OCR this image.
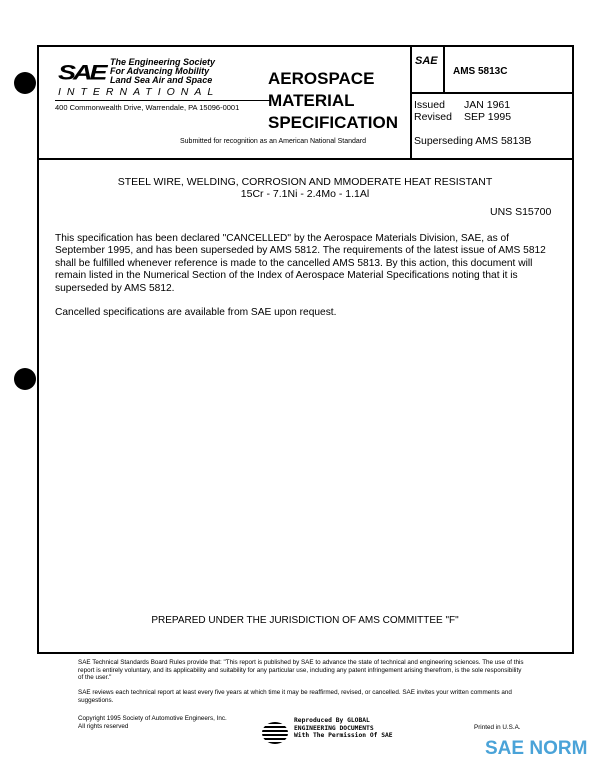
SAE The Engineering Society
For Advancing Mobility
Land Sea Air and Space
INTERNATIONAL
400 Commonwealth Drive, Warrendale, PA 15096-0001
AEROSPACE
MATERIAL
SPECIFICATION
Submitted for recognition as an American National Standard
SAE
AMS 5813C
Issued JAN 1961
Revised SEP 1995
Superseding AMS 5813B
STEEL WIRE, WELDING, CORROSION AND MMODERATE HEAT RESISTANT
15Cr - 7.1Ni - 2.4Mo - 1.1Al
UNS S15700

This specification has been declared "CANCELLED" by the Aerospace Materials Division, SAE, as of September 1995, and has been superseded by AMS 5812. The requirements of the latest issue of AMS 5812 shall be fulfilled whenever reference is made to the cancelled AMS 5813. By this action, this document will remain listed in the Numerical Section of the Index of Aerospace Material Specifications noting that it is superseded by AMS 5812.

Cancelled specifications are available from SAE upon request.

PREPARED UNDER THE JURISDICTION OF AMS COMMITTEE "F"
SAE Technical Standards Board Rules provide that: "This report is published by SAE to advance the state of technical and engineering sciences. The use of this report is entirely voluntary, and its applicability and suitability for any particular use, including any patent infringement arising therefrom, is the sole responsibility of the user."
SAE reviews each technical report at least every five years at which time it may be reaffirmed, revised, or cancelled. SAE invites your written comments and suggestions.
Copyright 1995 Society of Automotive Engineers, Inc.
All rights reserved
Reproduced By GLOBAL
ENGINEERING DOCUMENTS
With The Permission Of SAE
Printed in U.S.A.
SAE NORM
